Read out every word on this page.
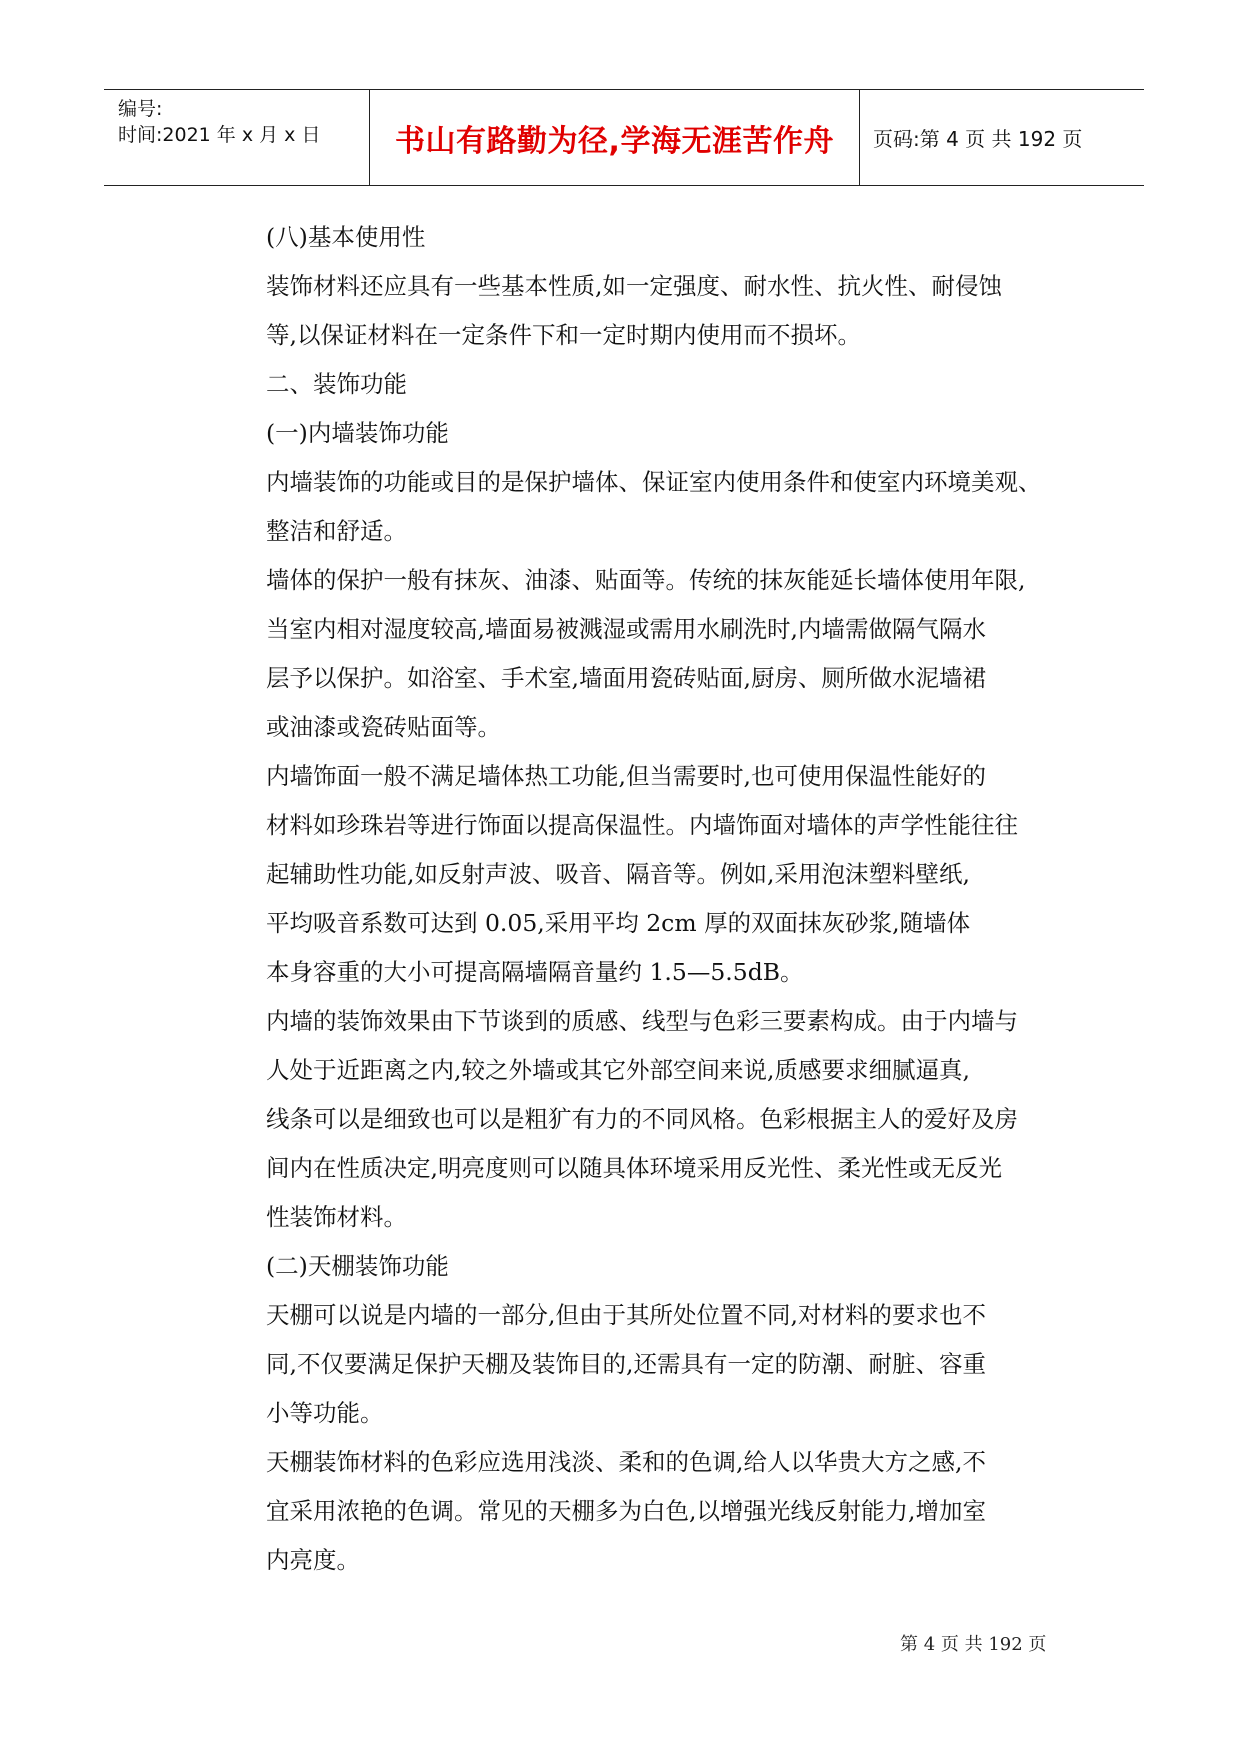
编号:
时间:2021 年 x 月 x 日 书山有路勤为径,学海无涯苦作舟 页码:第 4 页 共 192 页

(八)基本使用性

装饰材料还应具有一些基本性质,如一定强度、耐水性、抗火性、耐侵蚀

等,以保证材料在一定条件下和一定时期内使用而不损坏。

二、装饰功能

(一)内墙装饰功能

内墙装饰的功能或目的是保护墙体、保证室内使用条件和使室内环境美观、

整洁和舒适。

墙体的保护一般有抹灰、油漆、贴面等。传统的抹灰能延长墙体使用年限,

当室内相对湿度较高,墙面易被溅湿或需用水刷洗时,内墙需做隔气隔水

层予以保护。如浴室、手术室,墙面用瓷砖贴面,厨房、厕所做水泥墙裙

或油漆或瓷砖贴面等。

内墙饰面一般不满足墙体热工功能,但当需要时,也可使用保温性能好的

材料如珍珠岩等进行饰面以提高保温性。内墙饰面对墙体的声学性能往往

起辅助性功能,如反射声波、吸音、隔音等。例如,采用泡沫塑料壁纸,

平均吸音系数可达到 0.05,采用平均 2cm 厚的双面抹灰砂浆,随墙体

本身容重的大小可提高隔墙隔音量约 1.5—5.5dB。

内墙的装饰效果由下节谈到的质感、线型与色彩三要素构成。由于内墙与

人处于近距离之内,较之外墙或其它外部空间来说,质感要求细腻逼真,

线条可以是细致也可以是粗犷有力的不同风格。色彩根据主人的爱好及房

间内在性质决定,明亮度则可以随具体环境采用反光性、柔光性或无反光

性装饰材料。

(二)天棚装饰功能

天棚可以说是内墙的一部分,但由于其所处位置不同,对材料的要求也不

同,不仅要满足保护天棚及装饰目的,还需具有一定的防潮、耐脏、容重

小等功能。

天棚装饰材料的色彩应选用浅淡、柔和的色调,给人以华贵大方之感,不

宜采用浓艳的色调。常见的天棚多为白色,以增强光线反射能力,增加室

内亮度。

第 4 页 共 192 页
